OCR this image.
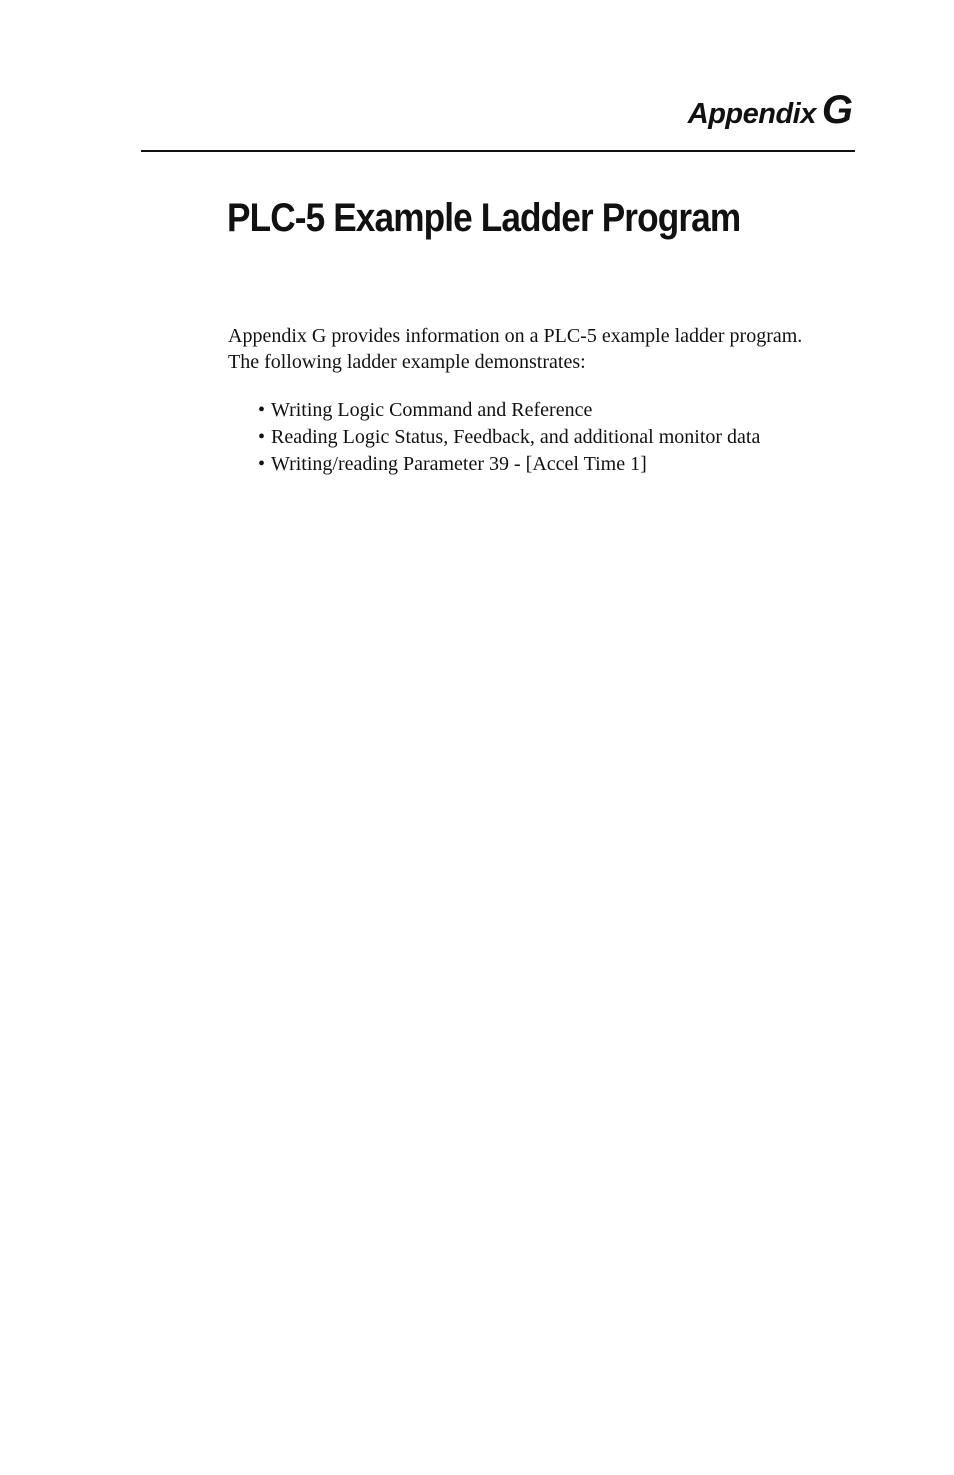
Appendix G
PLC-5 Example Ladder Program

Appendix G provides information on a PLC-5 example ladder program.
The following ladder example demonstrates:

• Writing Logic Command and Reference
• Reading Logic Status, Feedback, and additional monitor data
• Writing/reading Parameter 39 - [Accel Time 1]
